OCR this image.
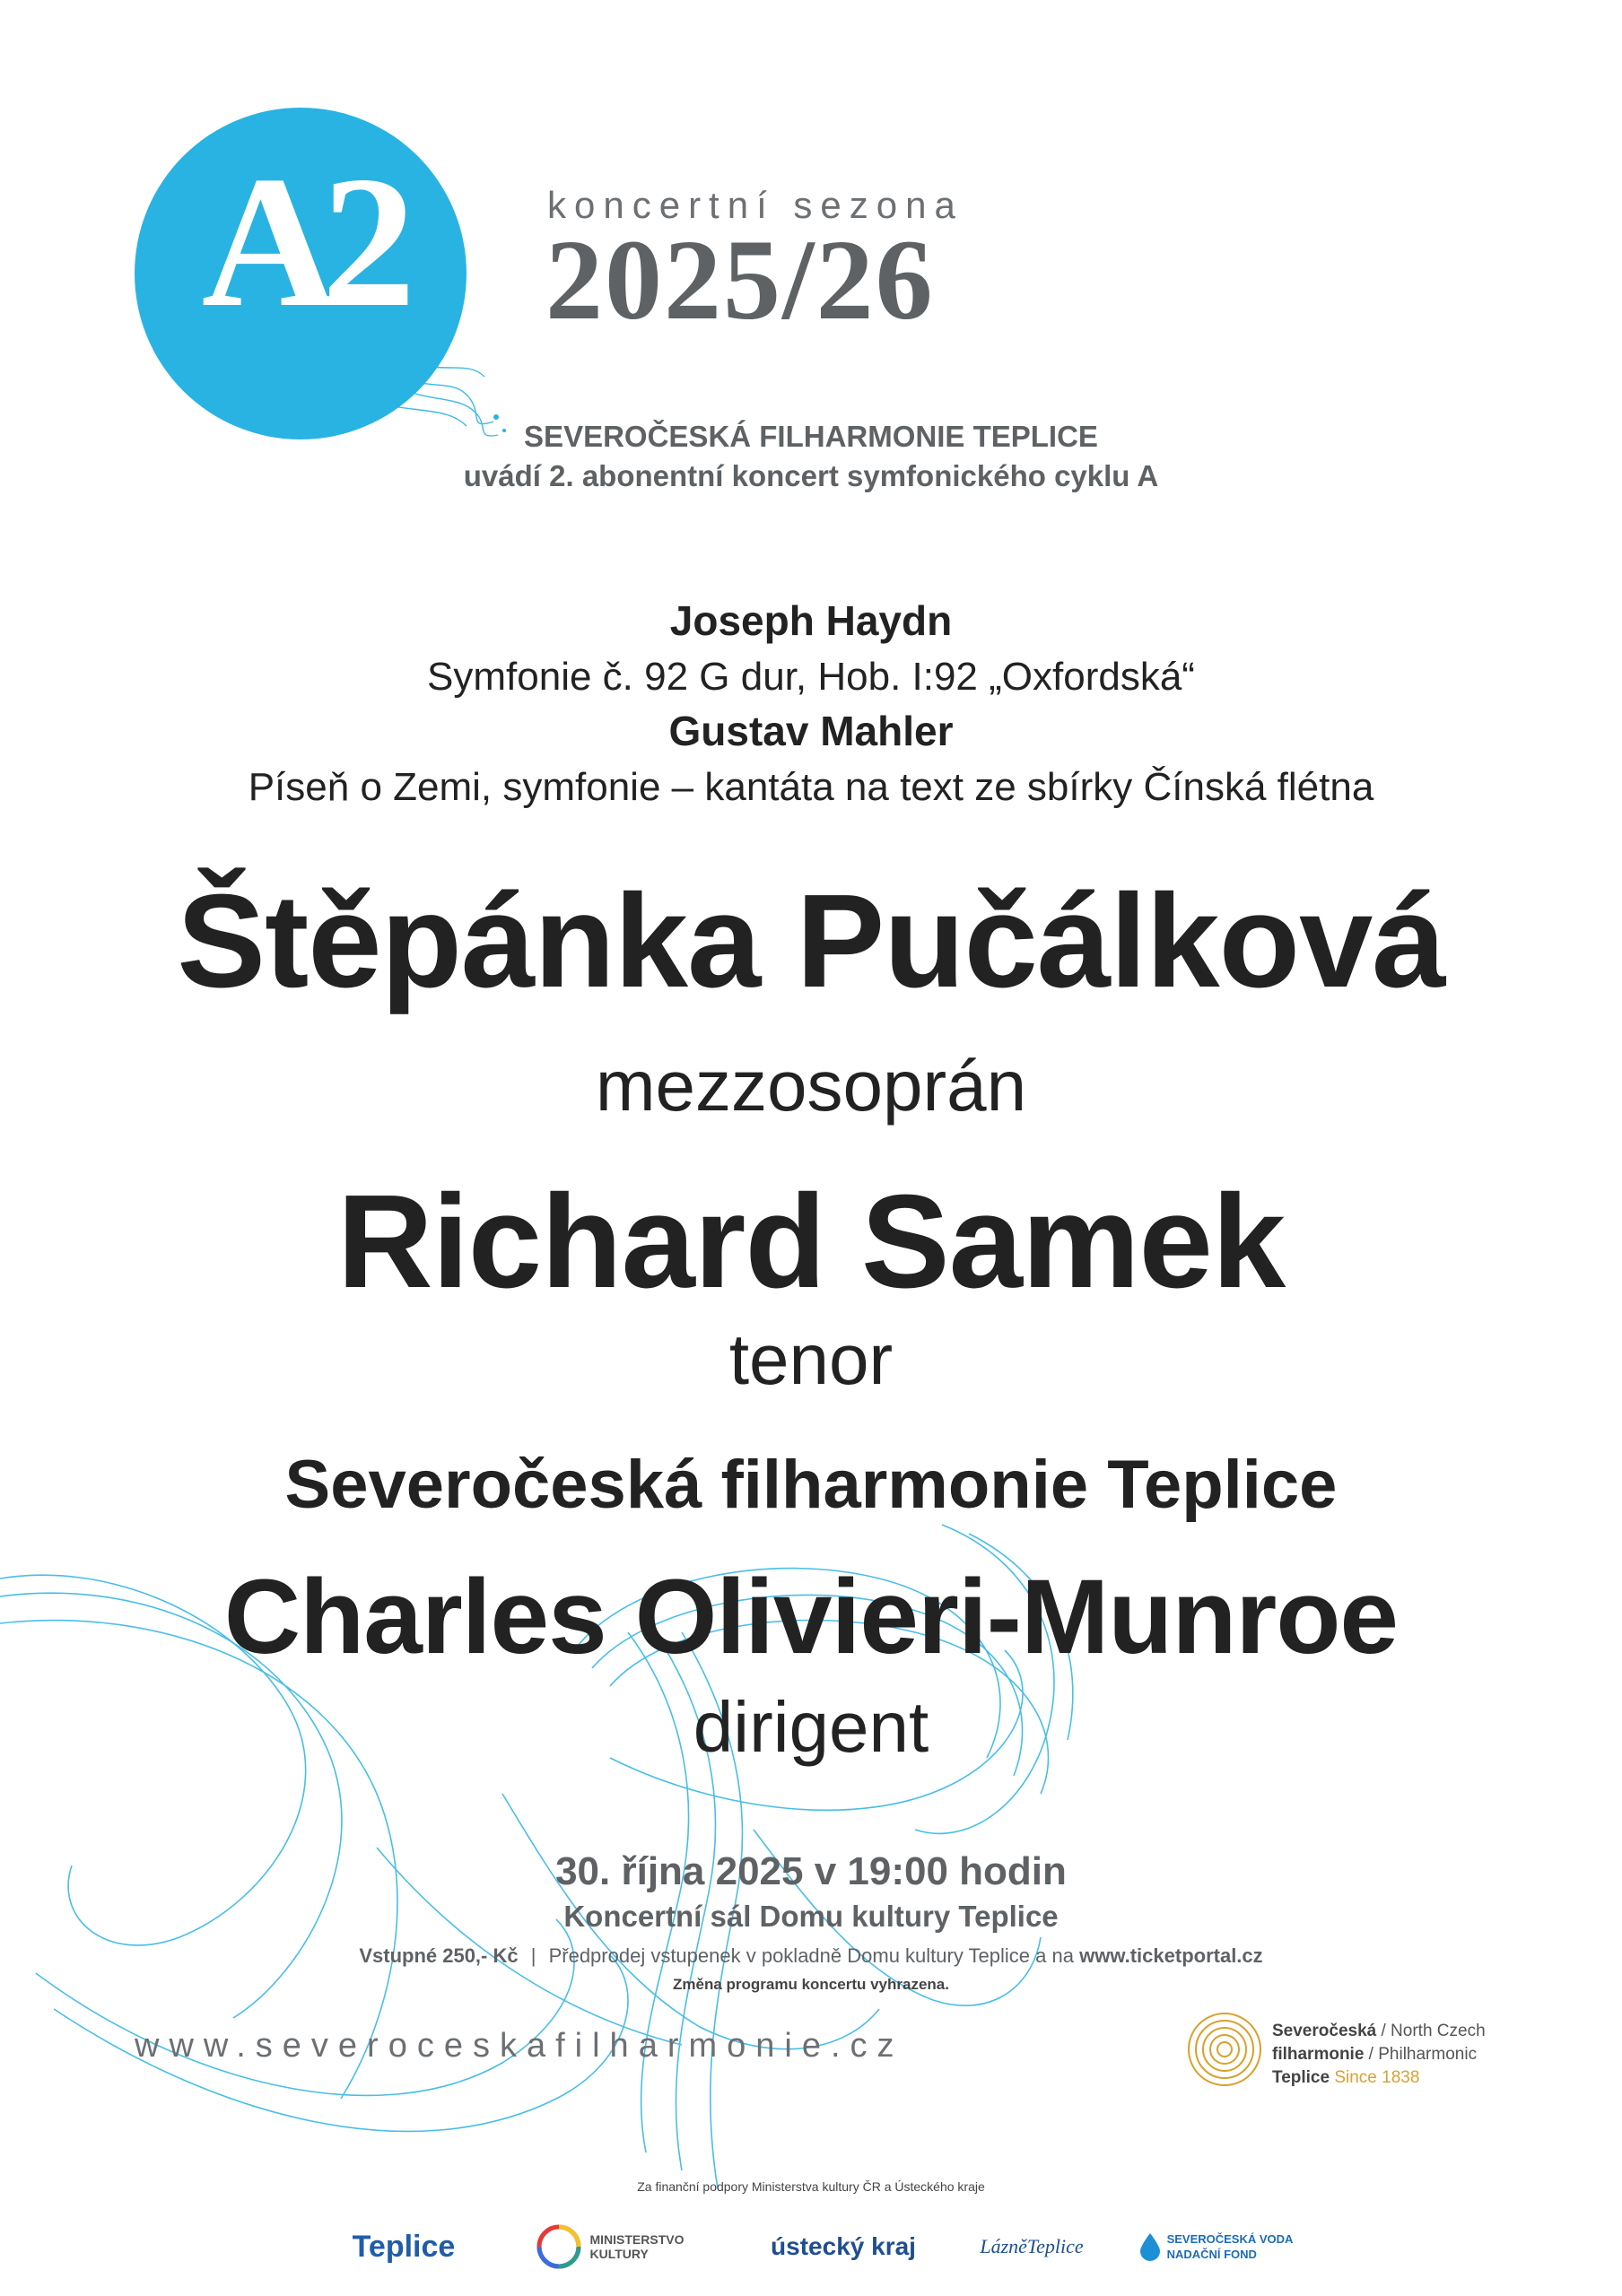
A2	koncertní sezona
2025/26
SEVEROČESKÁ FILHARMONIE TEPLICE
uvádí 2. abonentní koncert symfonického cyklu A
Joseph Haydn
Symfonie č. 92 G dur, Hob. I:92 „Oxfordská“
Gustav Mahler
Píseň o Zemi, symfonie – kantáta na text ze sbírky Čínská flétna
Štěpánka Pučálková
mezzosoprán
Richard Samek
tenor
Severočeská filharmonie Teplice
Charles Olivieri-Munroe
dirigent
30. října 2025 v 19:00 hodin
Koncertní sál Domu kultury Teplice
Vstupné 250,- Kč | Předprodej vstupenek v pokladně Domu kultury Teplice a na www.ticketportal.cz
Změna programu koncertu vyhrazena.
www.severoceskafilharmonie.cz	Severočeská / North Czech
filharmonie / Philharmonic
Teplice Since 1838
Za finanční podpory Ministerstva kultury ČR a Ústeckého kraje
Teplice	MINISTERSTVO
KULTURY	ústecký kraj	LázněTeplice	SEVEROČESKÁ VODA
NADAČNÍ FOND
